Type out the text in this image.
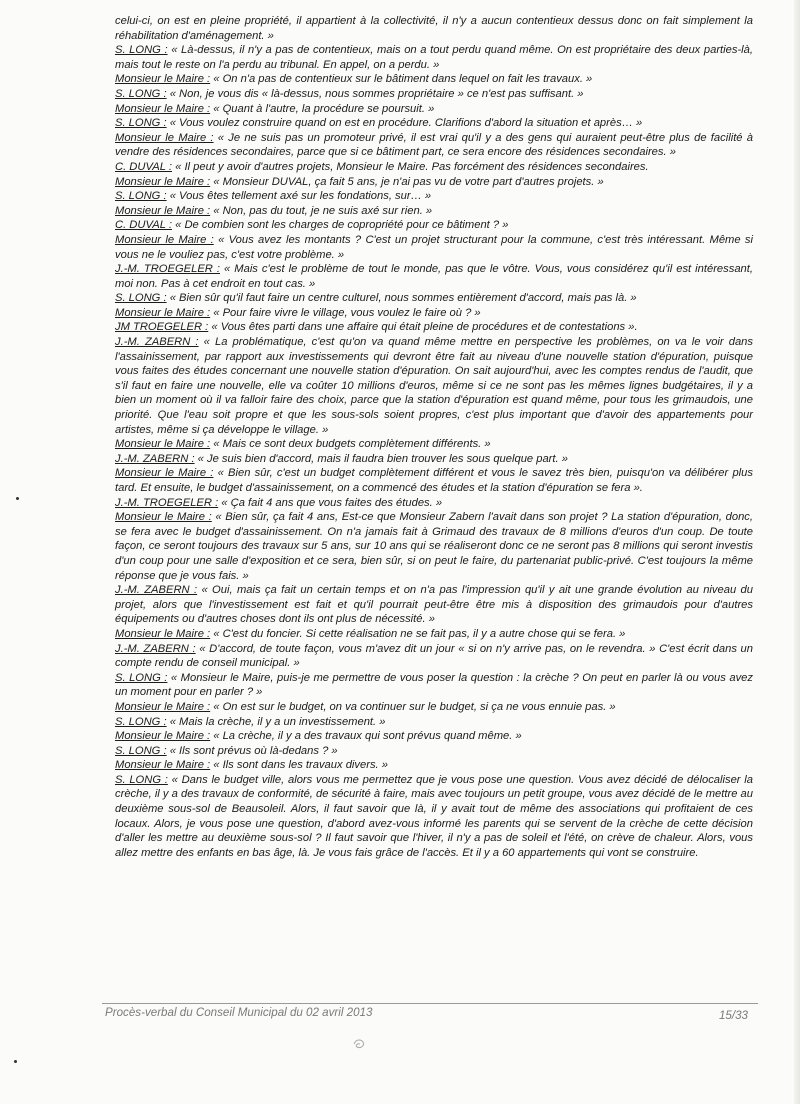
celui-ci, on est en pleine propriété, il appartient à la collectivité, il n'y a aucun contentieux dessus donc on fait simplement la réhabilitation d'aménagement. »

S. LONG : « Là-dessus, il n'y a pas de contentieux, mais on a tout perdu quand même. On est propriétaire des deux parties-là, mais tout le reste on l'a perdu au tribunal. En appel, on a perdu. »

Monsieur le Maire : « On n'a pas de contentieux sur le bâtiment dans lequel on fait les travaux. »

S. LONG : « Non, je vous dis « là-dessus, nous sommes propriétaire » ce n'est pas suffisant. »

Monsieur le Maire : « Quant à l'autre, la procédure se poursuit. »

S. LONG : « Vous voulez construire quand on est en procédure. Clarifions d'abord la situation et après… »

Monsieur le Maire : « Je ne suis pas un promoteur privé, il est vrai qu'il y a des gens qui auraient peut-être plus de facilité à vendre des résidences secondaires, parce que si ce bâtiment part, ce sera encore des résidences secondaires. »

C. DUVAL : « Il peut y avoir d'autres projets, Monsieur le Maire. Pas forcément des résidences secondaires.

Monsieur le Maire : « Monsieur DUVAL, ça fait 5 ans, je n'ai pas vu de votre part d'autres projets. »

S. LONG : « Vous êtes tellement axé sur les fondations, sur… »

Monsieur le Maire : « Non, pas du tout, je ne suis axé sur rien. »

C. DUVAL : « De combien sont les charges de copropriété pour ce bâtiment ? »

Monsieur le Maire : « Vous avez les montants ? C'est un projet structurant pour la commune, c'est très intéressant. Même si vous ne le vouliez pas, c'est votre problème. »

J.-M. TROEGELER : « Mais c'est le problème de tout le monde, pas que le vôtre. Vous, vous considérez qu'il est intéressant, moi non. Pas à cet endroit en tout cas. »

S. LONG : « Bien sûr qu'il faut faire un centre culturel, nous sommes entièrement d'accord, mais pas là. »

Monsieur le Maire : « Pour faire vivre le village, vous voulez le faire où ? »

JM TROEGELER : « Vous êtes parti dans une affaire qui était pleine de procédures et de contestations ».

J.-M. ZABERN : « La problématique, c'est qu'on va quand même mettre en perspective les problèmes, on va le voir dans l'assainissement, par rapport aux investissements qui devront être fait au niveau d'une nouvelle station d'épuration, puisque vous faites des études concernant une nouvelle station d'épuration. On sait aujourd'hui, avec les comptes rendus de l'audit, que s'il faut en faire une nouvelle, elle va coûter 10 millions d'euros, même si ce ne sont pas les mêmes lignes budgétaires, il y a bien un moment où il va falloir faire des choix, parce que la station d'épuration est quand même, pour tous les grimaudois, une priorité. Que l'eau soit propre et que les sous-sols soient propres, c'est plus important que d'avoir des appartements pour artistes, même si ça développe le village. »

Monsieur le Maire : « Mais ce sont deux budgets complètement différents. »

J.-M. ZABERN : « Je suis bien d'accord, mais il faudra bien trouver les sous quelque part. »

Monsieur le Maire : « Bien sûr, c'est un budget complètement différent et vous le savez très bien, puisqu'on va délibérer plus tard. Et ensuite, le budget d'assainissement, on a commencé des études et la station d'épuration se fera ».

J.-M. TROEGELER : « Ça fait 4 ans que vous faites des études. »

Monsieur le Maire : « Bien sûr, ça fait 4 ans, Est-ce que Monsieur Zabern l'avait dans son projet ? La station d'épuration, donc, se fera avec le budget d'assainissement. On n'a jamais fait à Grimaud des travaux de 8 millions d'euros d'un coup. De toute façon, ce seront toujours des travaux sur 5 ans, sur 10 ans qui se réaliseront donc ce ne seront pas 8 millions qui seront investis d'un coup pour une salle d'exposition et ce sera, bien sûr, si on peut le faire, du partenariat public-privé. C'est toujours la même réponse que je vous fais. »

J.-M. ZABERN : « Oui, mais ça fait un certain temps et on n'a pas l'impression qu'il y ait une grande évolution au niveau du projet, alors que l'investissement est fait et qu'il pourrait peut-être être mis à disposition des grimaudois pour d'autres équipements ou d'autres choses dont ils ont plus de nécessité. »

Monsieur le Maire : « C'est du foncier. Si cette réalisation ne se fait pas, il y a autre chose qui se fera. »

J.-M. ZABERN : « D'accord, de toute façon, vous m'avez dit un jour « si on n'y arrive pas, on le revendra. » C'est écrit dans un compte rendu de conseil municipal. »

S. LONG : « Monsieur le Maire, puis-je me permettre de vous poser la question : la crèche ? On peut en parler là ou vous avez un moment pour en parler ? »

Monsieur le Maire : « On est sur le budget, on va continuer sur le budget, si ça ne vous ennuie pas. »

S. LONG : « Mais la crèche, il y a un investissement. »

Monsieur le Maire : « La crèche, il y a des travaux qui sont prévus quand même. »

S. LONG : « Ils sont prévus où là-dedans ? »

Monsieur le Maire : « Ils sont dans les travaux divers. »

S. LONG : « Dans le budget ville, alors vous me permettez que je vous pose une question. Vous avez décidé de délocaliser la crèche, il y a des travaux de conformité, de sécurité à faire, mais avec toujours un petit groupe, vous avez décidé de le mettre au deuxième sous-sol de Beausoleil. Alors, il faut savoir que là, il y avait tout de même des associations qui profitaient de ces locaux. Alors, je vous pose une question, d'abord avez-vous informé les parents qui se servent de la crèche de cette décision d'aller les mettre au deuxième sous-sol ? Il faut savoir que l'hiver, il n'y a pas de soleil et l'été, on crève de chaleur. Alors, vous allez mettre des enfants en bas âge, là. Je vous fais grâce de l'accès. Et il y a 60 appartements qui vont se construire.

Procès-verbal du Conseil Municipal du 02 avril 2013	15/33
